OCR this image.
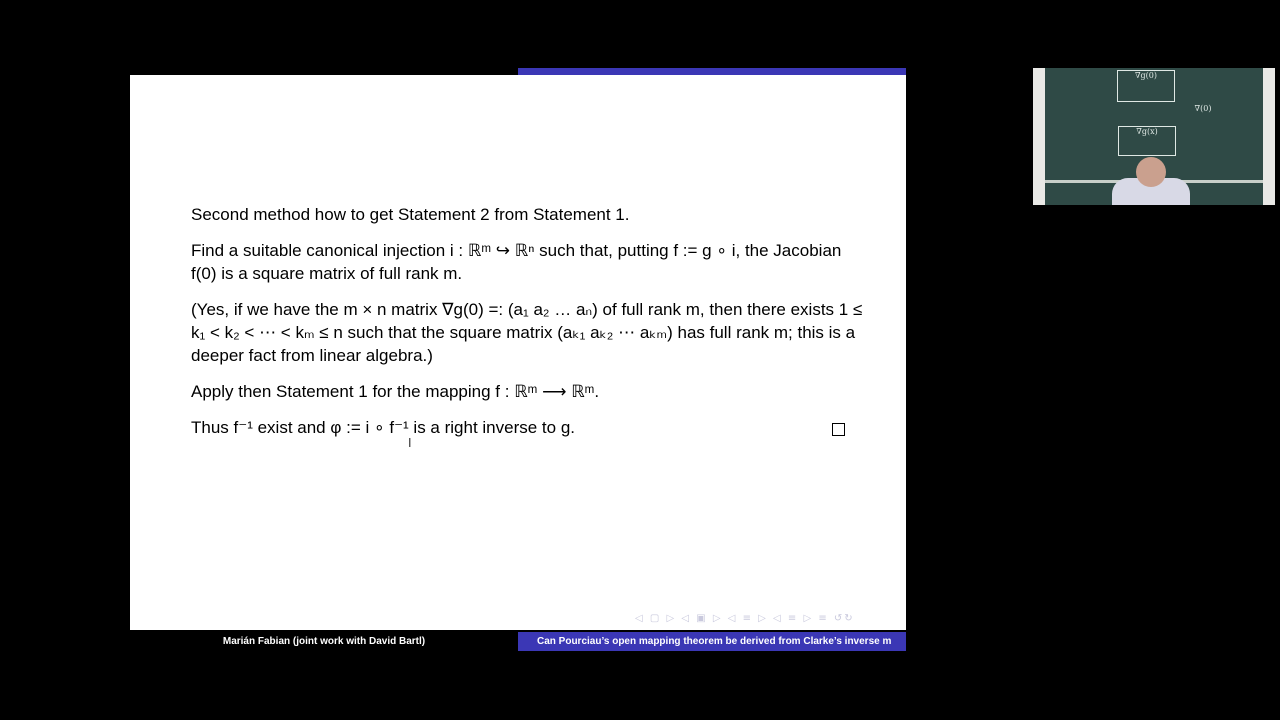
Second method how to get Statement 2 from Statement 1.

Find a suitable canonical injection i : ℝᵐ ↪ ℝⁿ such that, putting f := g ∘ i, the Jacobian f(0) is a square matrix of full rank m.

(Yes, if we have the m × n matrix ∇g(0) =: (a₁ a₂ … aₙ) of full rank m, then there exists 1 ≤ k₁ < k₂ < ⋯ < kₘ ≤ n such that the square matrix (aₖ₁ aₖ₂ ⋯ aₖₘ) has full rank m; this is a deeper fact from linear algebra.)

Apply then Statement 1 for the mapping f : ℝᵐ ⟶ ℝᵐ.

Thus f⁻¹ exist and φ := i ∘ f⁻¹ is a right inverse to g.

I
◁ ▢ ▷ ◁ ▣ ▷ ◁ ≡ ▷ ◁ ≡ ▷ ≡ ↺↻
Marián Fabian (joint work with David Bartl)	Can Pourciau’s open mapping theorem be derived from Clarke’s inverse m
∇g(0)
∇(0)
∇g(x)
